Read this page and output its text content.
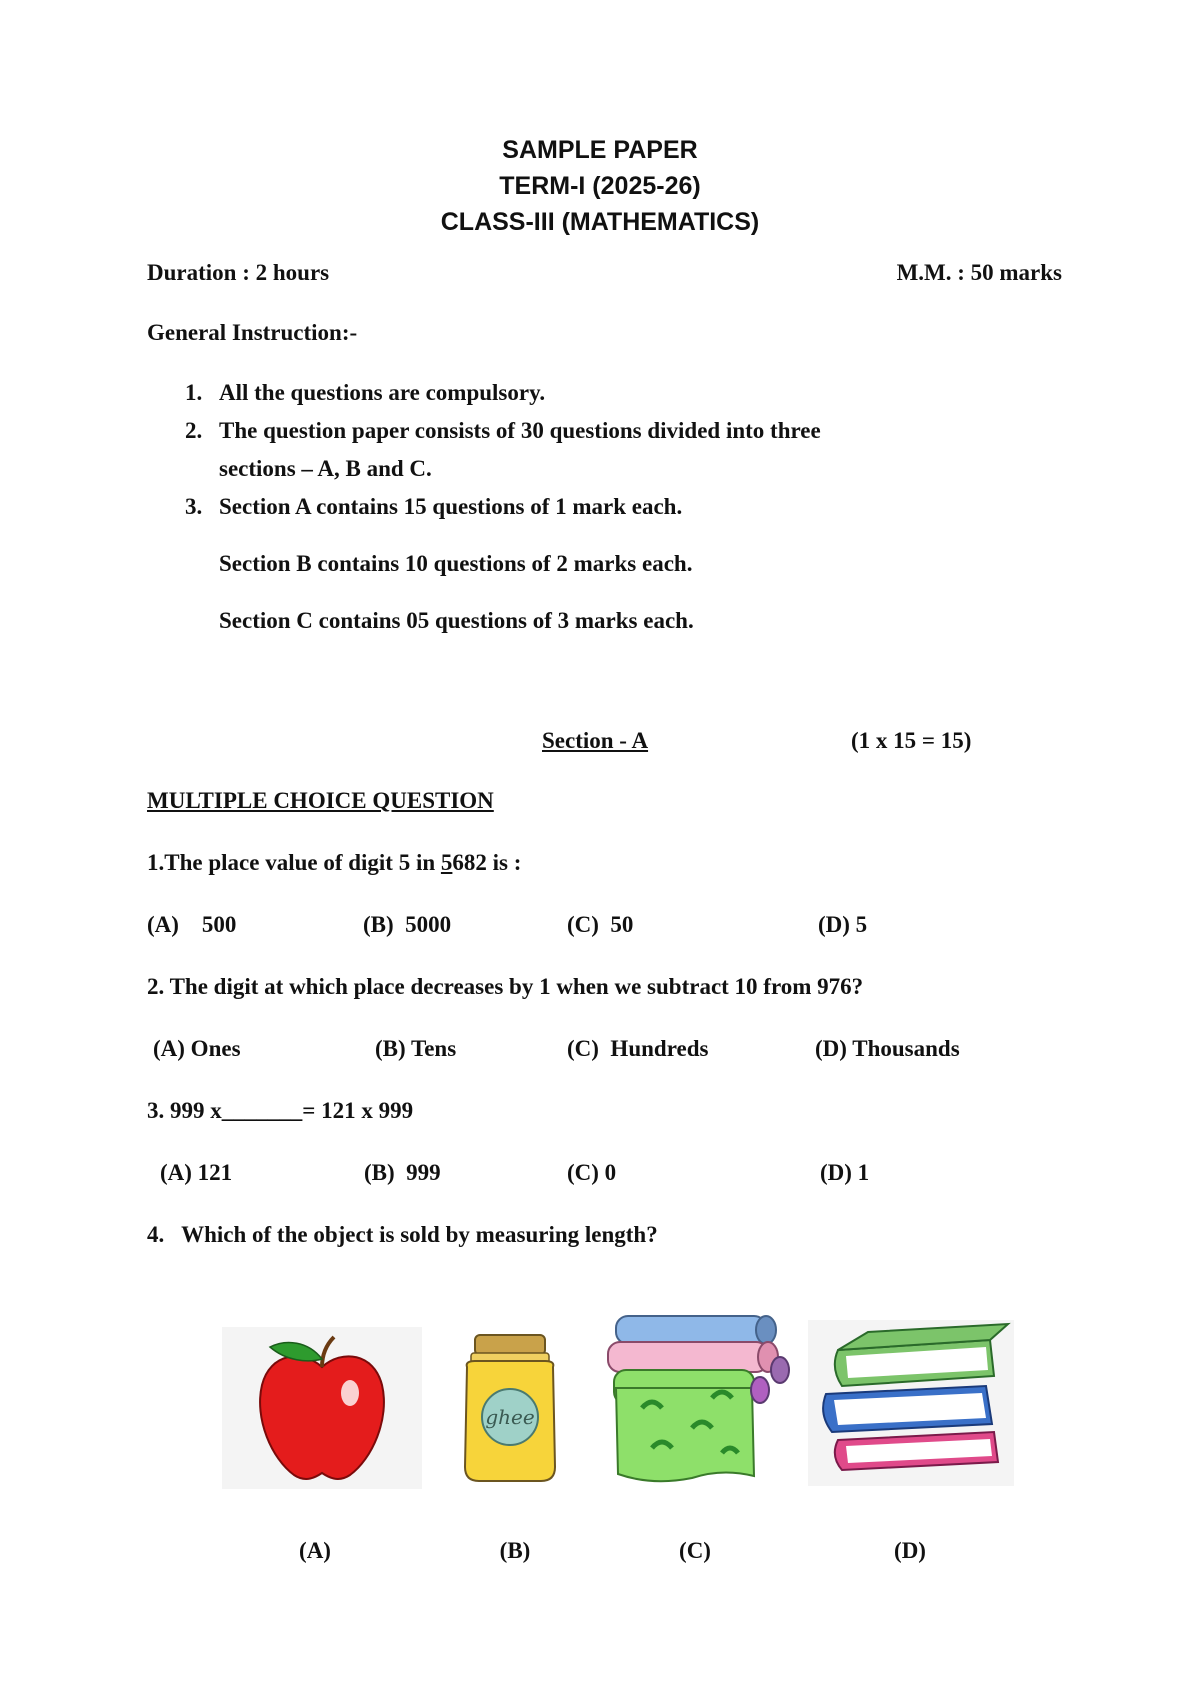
SAMPLE PAPER
TERM-I (2025-26)
CLASS-III (MATHEMATICS)
Duration : 2 hours	M.M. : 50 marks
General Instruction:-
1. All the questions are compulsory.
2. The question paper consists of 30 questions divided into three
sections – A, B and C.
3. Section A contains 15 questions of 1 mark each.
Section B contains 10 questions of 2 marks each.
Section C contains 05 questions of 3 marks each.
Section - A	(1 x 15 = 15)
MULTIPLE CHOICE QUESTION
1.The place value of digit 5 in 5682 is :
(A)    500	(B)  5000	(C)  50	(D) 5
2. The digit at which place decreases by 1 when we subtract 10 from 976?
(A) Ones	(B) Tens	(C)  Hundreds	(D) Thousands
3. 999 x_______= 121 x 999
(A) 121	(B)  999	(C) 0	(D) 1
4.   Which of the object is sold by measuring length?
ghee
(A)	(B)	(C)	(D)
